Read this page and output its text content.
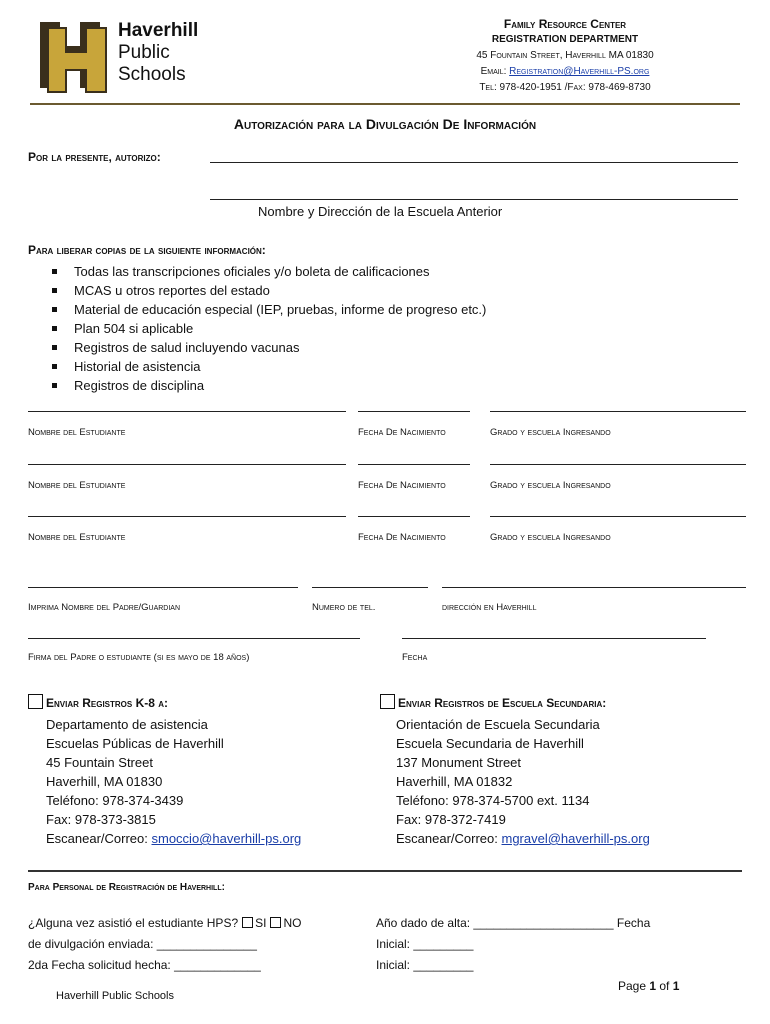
Haverhill
Public
Schools
Family Resource Center
REGISTRATION DEPARTMENT
45 Fountain Street, Haverhill MA 01830
Email: Registration@Haverhill-PS.org
Tel: 978-420-1951 /Fax: 978-469-8730
Autorización para la Divulgación De Información
Por la presente, autorizo:
Nombre y Dirección de la Escuela Anterior
Para liberar copias de la siguiente información:
Todas las transcripciones oficiales y/o boleta de calificaciones
MCAS u otros reportes del estado
Material de educación especial (IEP, pruebas, informe de progreso etc.)
Plan 504 si aplicable
Registros de salud incluyendo vacunas
Historial de asistencia
Registros de disciplina
Nombre del Estudiante	Fecha De Nacimiento	Grado y escuela Ingresando
Nombre del Estudiante	Fecha De Nacimiento	Grado y escuela Ingresando
Nombre del Estudiante	Fecha De Nacimiento	Grado y escuela Ingresando
Imprima Nombre del Padre/Guardian	Numero de tel.	dirección en Haverhill
Firma del Padre o estudiante (si es mayo de 18 años)	Fecha
Enviar Registros K-8 a:
Departamento de asistencia
Escuelas Públicas de Haverhill
45 Fountain Street
Haverhill, MA 01830
Teléfono: 978-374-3439
Fax: 978-373-3815
Escanear/Correo: smoccio@haverhill-ps.org
Enviar Registros de Escuela Secundaria:
Orientación de Escuela Secundaria
Escuela Secundaria de Haverhill
137 Monument Street
Haverhill, MA 01832
Teléfono: 978-374-5700 ext. 1134
Fax: 978-372-7419
Escanear/Correo: mgravel@haverhill-ps.org
Para Personal de Registración de Haverhill:
¿Alguna vez asistió el estudiante HPS? SI NO
de divulgación enviada: _______________
2da Fecha solicitud hecha: _____________
Año dado de alta: _____________________ Fecha
Inicial: _________
Inicial: _________
Haverhill Public Schools
Page 1 of 1
